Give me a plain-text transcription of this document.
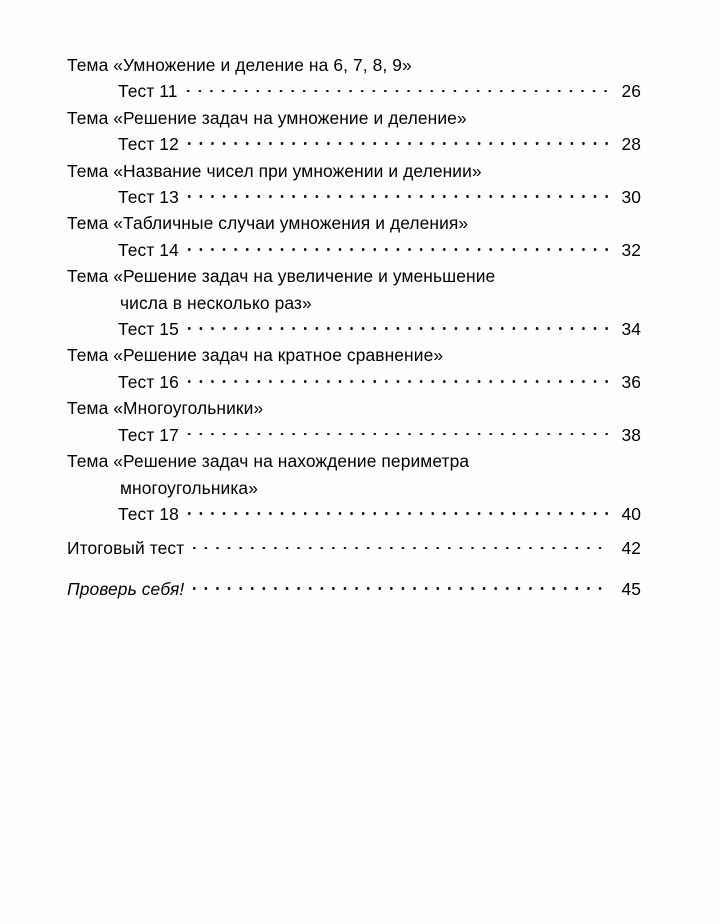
Тема «Умножение и деление на 6, 7, 8, 9»
Тест 11	26
Тема «Решение задач на умножение и деление»
Тест 12	28
Тема «Название чисел при умножении и делении»
Тест 13	30
Тема «Табличные случаи умножения и деления»
Тест 14	32
Тема «Решение задач на увеличение и уменьшение
числа в несколько раз»
Тест 15	34
Тема «Решение задач на кратное сравнение»
Тест 16	36
Тема «Многоугольники»
Тест 17	38
Тема «Решение задач на нахождение периметра
многоугольника»
Тест 18	40
Итоговый тест	42
Проверь себя!	45
